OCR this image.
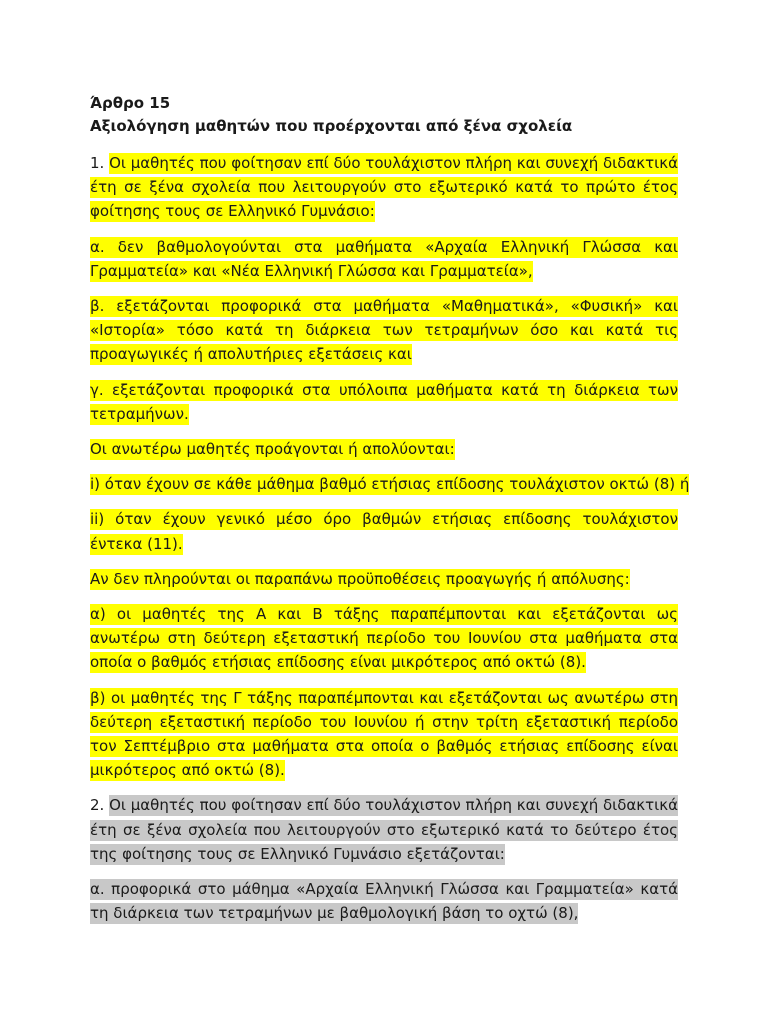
Άρθρο 15

Αξιολόγηση μαθητών που προέρχονται από ξένα σχολεία

1. Οι μαθητές που φοίτησαν επί δύο τουλάχιστον πλήρη και συνεχή διδακτικά έτη σε ξένα σχολεία που λειτουργούν στο εξωτερικό κατά το πρώτο έτος φοίτησης τους σε Ελληνικό Γυμνάσιο:

α. δεν βαθμολογούνται στα μαθήματα «Αρχαία Ελληνική Γλώσσα και Γραμματεία» και «Νέα Ελληνική Γλώσσα και Γραμματεία»,

β. εξετάζονται προφορικά στα μαθήματα «Μαθηματικά», «Φυσική» και «Ιστορία» τόσο κατά τη διάρκεια των τετραμήνων όσο και κατά τις προαγωγικές ή απολυτήριες εξετάσεις και

γ. εξετάζονται προφορικά στα υπόλοιπα μαθήματα κατά τη διάρκεια των τετραμήνων.

Οι ανωτέρω μαθητές προάγονται ή απολύονται:

i) όταν έχουν σε κάθε μάθημα βαθμό ετήσιας επίδοσης τουλάχιστον οκτώ (8) ή

ii) όταν έχουν γενικό μέσο όρο βαθμών ετήσιας επίδοσης τουλάχιστον έντεκα (11).

Αν δεν πληρούνται οι παραπάνω προϋποθέσεις προαγωγής ή απόλυσης:

α) οι μαθητές της Α και Β τάξης παραπέμπονται και εξετάζονται ως ανωτέρω στη δεύτερη εξεταστική περίοδο του Ιουνίου στα μαθήματα στα οποία ο βαθμός ετήσιας επίδοσης είναι μικρότερος από οκτώ (8).

β) οι μαθητές της Γ τάξης παραπέμπονται και εξετάζονται ως ανωτέρω στη δεύτερη εξεταστική περίοδο του Ιουνίου ή στην τρίτη εξεταστική περίοδο τον Σεπτέμβριο στα μαθήματα στα οποία ο βαθμός ετήσιας επίδοσης είναι μικρότερος από οκτώ (8).

2. Οι μαθητές που φοίτησαν επί δύο τουλάχιστον πλήρη και συνεχή διδακτικά έτη σε ξένα σχολεία που λειτουργούν στο εξωτερικό κατά το δεύτερο έτος της φοίτησης τους σε Ελληνικό Γυμνάσιο εξετάζονται:

α. προφορικά στο μάθημα «Αρχαία Ελληνική Γλώσσα και Γραμματεία» κατά τη διάρκεια των τετραμήνων με βαθμολογική βάση το οχτώ (8),
